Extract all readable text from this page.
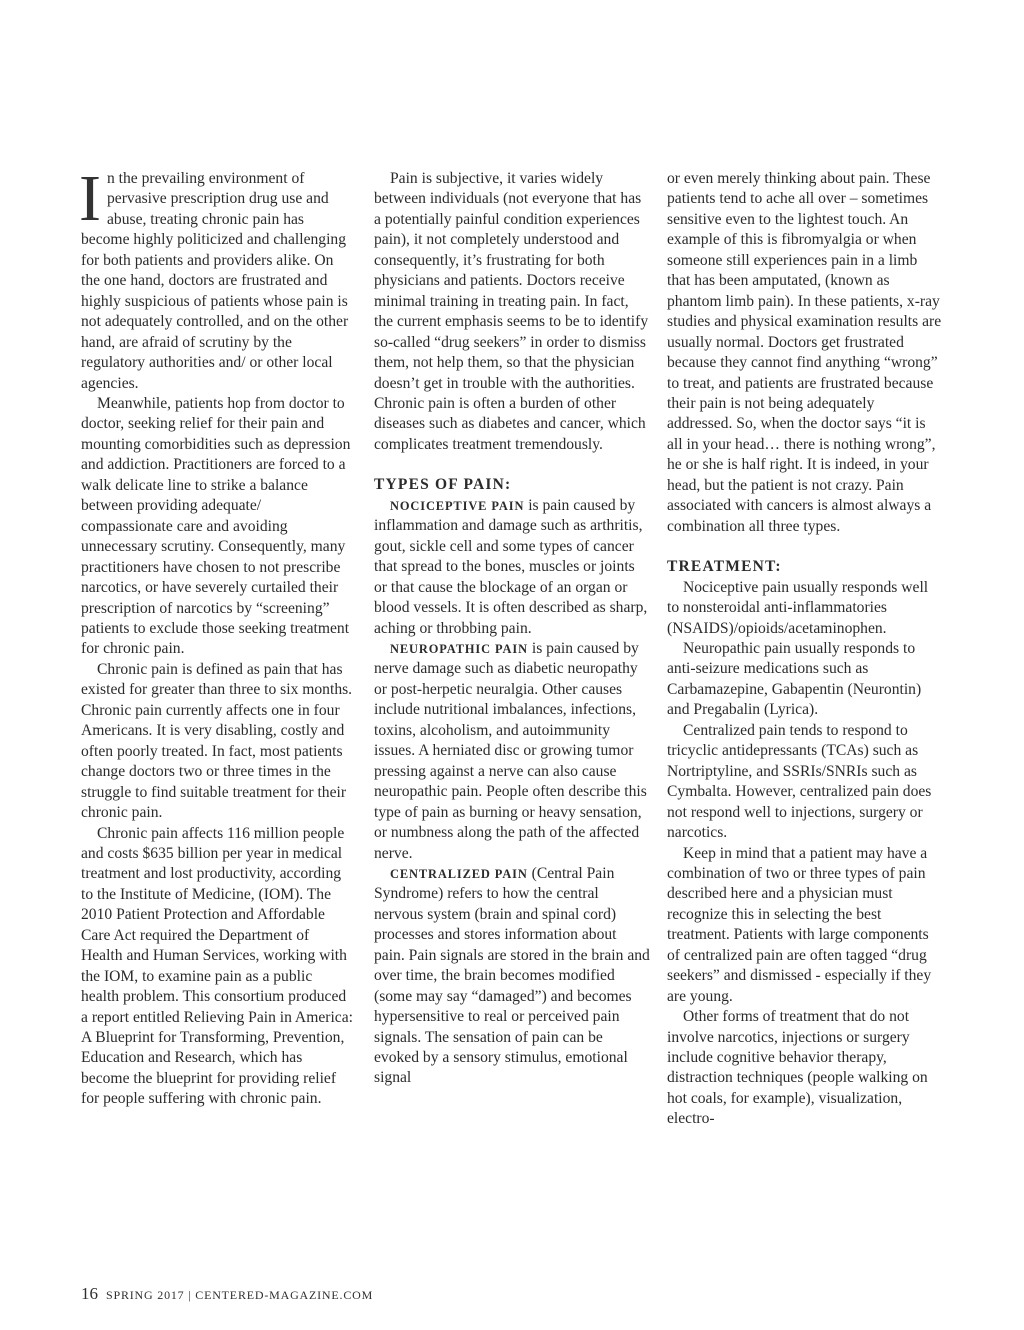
In the prevailing environment of pervasive prescription drug use and abuse, treating chronic pain has become highly politicized and challenging for both patients and providers alike. On the one hand, doctors are frustrated and highly suspicious of patients whose pain is not adequately controlled, and on the other hand, are afraid of scrutiny by the regulatory authorities and/ or other local agencies.

Meanwhile, patients hop from doctor to doctor, seeking relief for their pain and mounting comorbidities such as depression and addiction. Practitioners are forced to a walk delicate line to strike a balance between providing adequate/ compassionate care and avoiding unnecessary scrutiny. Consequently, many practitioners have chosen to not prescribe narcotics, or have severely curtailed their prescription of narcotics by “screening” patients to exclude those seeking treatment for chronic pain.

Chronic pain is defined as pain that has existed for greater than three to six months. Chronic pain currently affects one in four Americans. It is very disabling, costly and often poorly treated. In fact, most patients change doctors two or three times in the struggle to find suitable treatment for their chronic pain.

Chronic pain affects 116 million people and costs $635 billion per year in medical treatment and lost productivity, according to the Institute of Medicine, (IOM). The 2010 Patient Protection and Affordable Care Act required the Department of Health and Human Services, working with the IOM, to examine pain as a public health problem. This consortium produced a report entitled Relieving Pain in America: A Blueprint for Transforming, Prevention, Education and Research, which has become the blueprint for providing relief for people suffering with chronic pain.

Pain is subjective, it varies widely between individuals (not everyone that has a potentially painful condition experiences pain), it not completely understood and consequently, it’s frustrating for both physicians and patients. Doctors receive minimal training in treating pain. In fact, the current emphasis seems to be to identify so-called “drug seekers” in order to dismiss them, not help them, so that the physician doesn’t get in trouble with the authorities. Chronic pain is often a burden of other diseases such as diabetes and cancer, which complicates treatment tremendously.

TYPES OF PAIN:

NOCICEPTIVE PAIN is pain caused by inflammation and damage such as arthritis, gout, sickle cell and some types of cancer that spread to the bones, muscles or joints or that cause the blockage of an organ or blood vessels. It is often described as sharp, aching or throbbing pain.

NEUROPATHIC PAIN is pain caused by nerve damage such as diabetic neuropathy or post-herpetic neuralgia. Other causes include nutritional imbalances, infections, toxins, alcoholism, and autoimmunity issues. A herniated disc or growing tumor pressing against a nerve can also cause neuropathic pain. People often describe this type of pain as burning or heavy sensation, or numbness along the path of the affected nerve.

CENTRALIZED PAIN (Central Pain Syndrome) refers to how the central nervous system (brain and spinal cord) processes and stores information about pain. Pain signals are stored in the brain and over time, the brain becomes modified (some may say “damaged”) and becomes hypersensitive to real or perceived pain signals. The sensation of pain can be evoked by a sensory stimulus, emotional signal

or even merely thinking about pain. These patients tend to ache all over – sometimes sensitive even to the lightest touch. An example of this is fibromyalgia or when someone still experiences pain in a limb that has been amputated, (known as phantom limb pain). In these patients, x-ray studies and physical examination results are usually normal. Doctors get frustrated because they cannot find anything “wrong” to treat, and patients are frustrated because their pain is not being adequately addressed. So, when the doctor says “it is all in your head… there is nothing wrong”, he or she is half right. It is indeed, in your head, but the patient is not crazy. Pain associated with cancers is almost always a combination all three types.

TREATMENT:

Nociceptive pain usually responds well to nonsteroidal anti-inflammatories (NSAIDS)/opioids/acetaminophen.

Neuropathic pain usually responds to anti-seizure medications such as Carbamazepine, Gabapentin (Neurontin) and Pregabalin (Lyrica).

Centralized pain tends to respond to tricyclic antidepressants (TCAs) such as Nortriptyline, and SSRIs/SNRIs such as Cymbalta. However, centralized pain does not respond well to injections, surgery or narcotics.

Keep in mind that a patient may have a combination of two or three types of pain described here and a physician must recognize this in selecting the best treatment. Patients with large components of centralized pain are often tagged “drug seekers” and dismissed - especially if they are young.

Other forms of treatment that do not involve narcotics, injections or surgery include cognitive behavior therapy, distraction techniques (people walking on hot coals, for example), visualization, electro-

16 SPRING 2017 | CENTERED-MAGAZINE.COM
